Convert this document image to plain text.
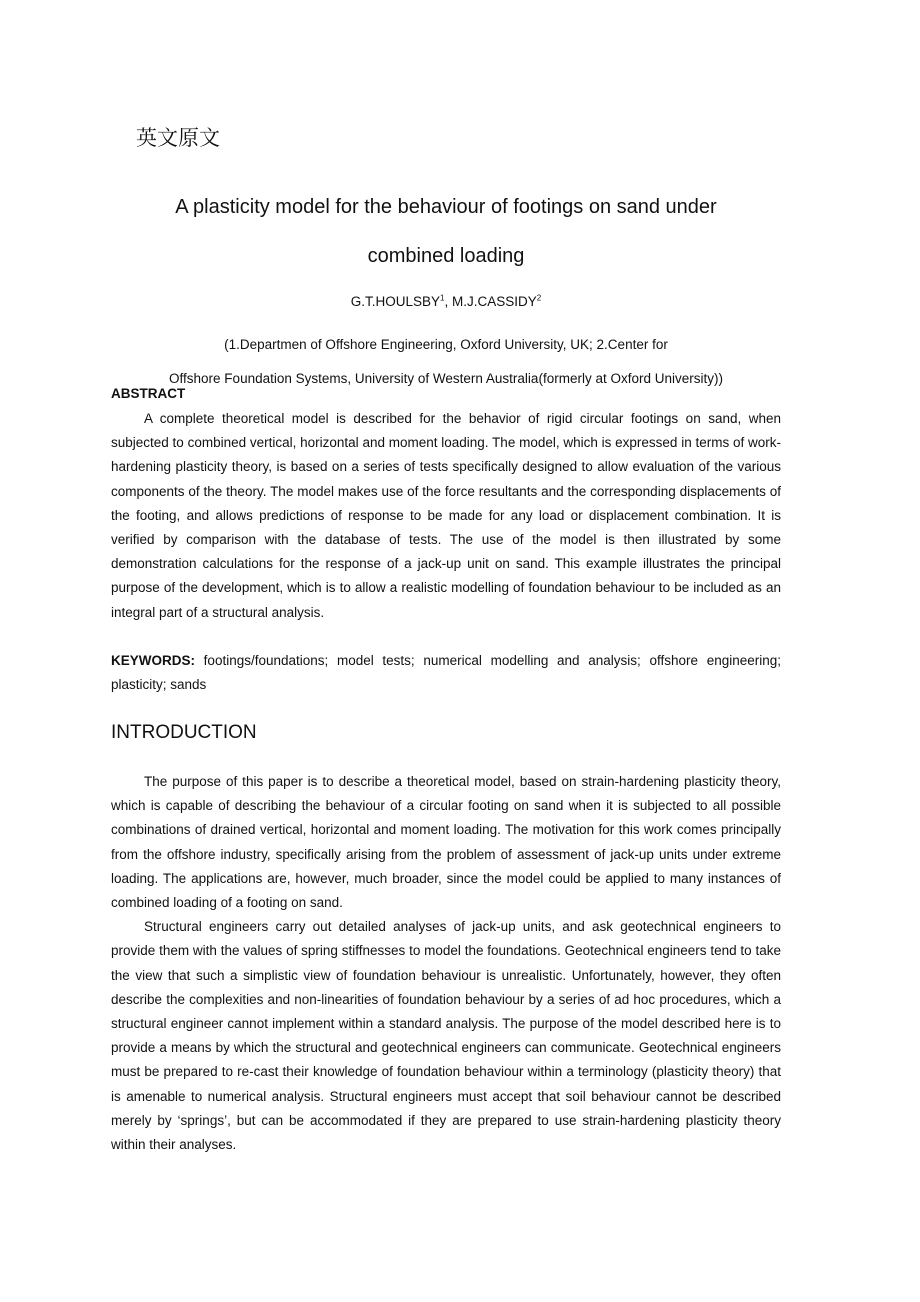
英文原文
A plasticity model for the behaviour of footings on sand under
combined loading
G.T.HOULSBY$^1$, M.J.CASSIDY$^2$
(1.Departmen of Offshore Engineering, Oxford University, UK; 2.Center for
Offshore Foundation Systems, University of Western Australia(formerly at Oxford University))
ABSTRACT

A complete theoretical model is described for the behavior of rigid circular footings on sand, when subjected to combined vertical, horizontal and moment loading. The model, which is expressed in terms of work-hardening plasticity theory, is based on a series of tests specifically designed to allow evaluation of the various components of the theory. The model makes use of the force resultants and the corresponding displacements of the footing, and allows predictions of response to be made for any load or displacement combination. It is verified by comparison with the database of tests. The use of the model is then illustrated by some demonstration calculations for the response of a jack-up unit on sand. This example illustrates the principal purpose of the development, which is to allow a realistic modelling of foundation behaviour to be included as an integral part of a structural analysis.

KEYWORDS: footings/foundations; model tests; numerical modelling and analysis; offshore engineering; plasticity; sands
INTRODUCTION

The purpose of this paper is to describe a theoretical model, based on strain-hardening plasticity theory, which is capable of describing the behaviour of a circular footing on sand when it is subjected to all possible combinations of drained vertical, horizontal and moment loading. The motivation for this work comes principally from the offshore industry, specifically arising from the problem of assessment of jack-up units under extreme loading. The applications are, however, much broader, since the model could be applied to many instances of combined loading of a footing on sand.

Structural engineers carry out detailed analyses of jack-up units, and ask geotechnical engineers to provide them with the values of spring stiffnesses to model the foundations. Geotechnical engineers tend to take the view that such a simplistic view of foundation behaviour is unrealistic. Unfortunately, however, they often describe the complexities and non-linearities of foundation behaviour by a series of ad hoc procedures, which a structural engineer cannot implement within a standard analysis. The purpose of the model described here is to provide a means by which the structural and geotechnical engineers can communicate. Geotechnical engineers must be prepared to re-cast their knowledge of foundation behaviour within a terminology (plasticity theory) that is amenable to numerical analysis. Structural engineers must accept that soil behaviour cannot be described merely by ‘springs’, but can be accommodated if they are prepared to use strain-hardening plasticity theory within their analyses.
